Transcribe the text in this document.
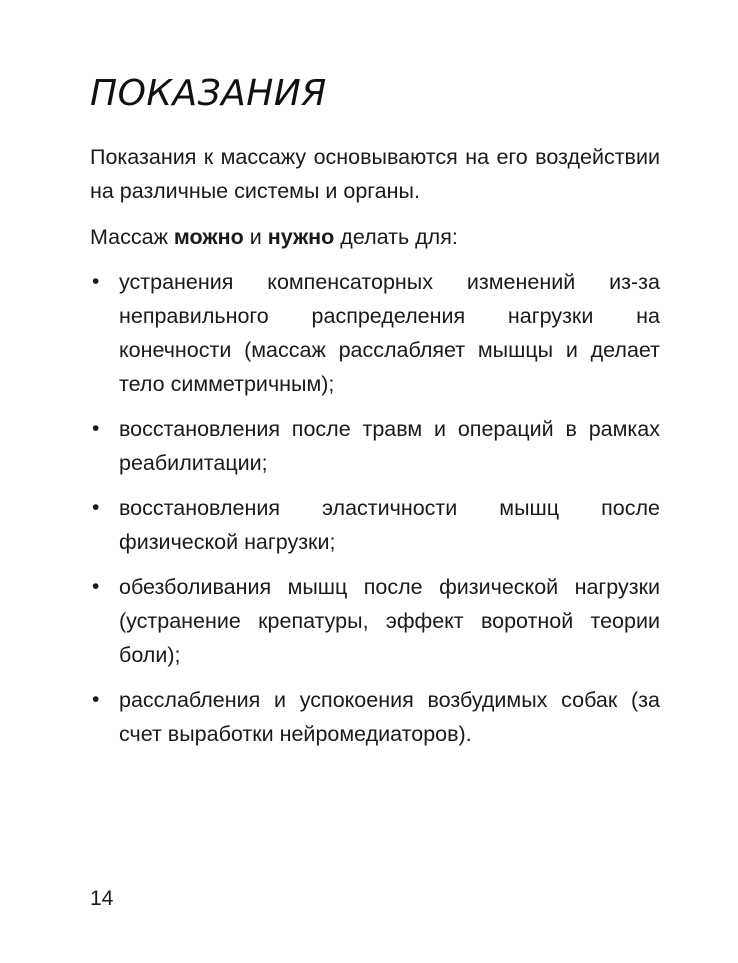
ПОКАЗАНИЯ

Показания к массажу основываются на его воздействии на различные системы и органы.

Массаж можно и нужно делать для:

• устранения компенсаторных изменений из-за неправильного распределения нагрузки на конечности (массаж расслабляет мышцы и делает тело симметричным);
• восстановления после травм и операций в рамках реабилитации;
• восстановления эластичности мышц после физической нагрузки;
• обезболивания мышц после физической нагрузки (устранение крепатуры, эффект воротной теории боли);
• расслабления и успокоения возбудимых собак (за счет выработки нейромедиаторов).
14
